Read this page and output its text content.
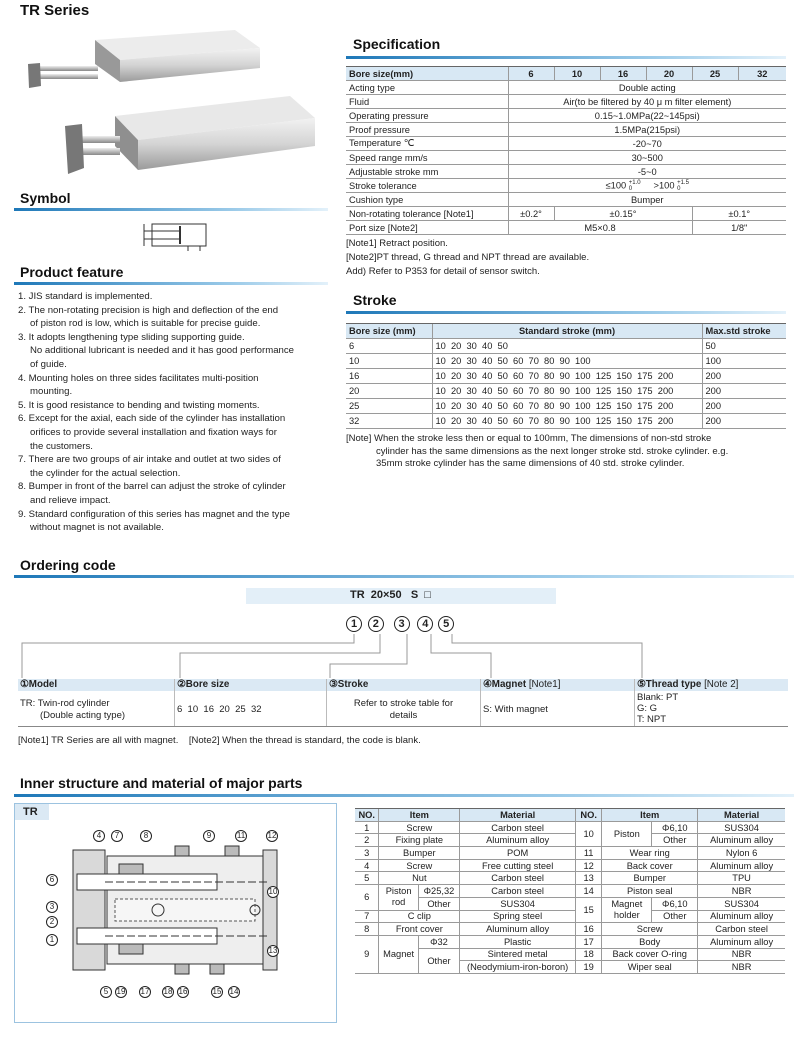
TR Series
Symbol
Product feature
1. JIS standard is implemented.
2. The non-rotating precision is high and deflection of the end
of piston rod is low, which is suitable for precise guide.
3. It adopts lengthening type sliding supporting guide.
No additional lubricant is needed and it has good performance
of guide.
4. Mounting holes on three sides facilitates multi-position
mounting.
5. It is good resistance to bending and twisting moments.
6. Except for the axial, each side of the cylinder has installation
orifices to provide several installation and fixation ways for
the customers.
7. There are two groups of air intake and outlet at two sides of
the cylinder for the actual selection.
8. Bumper in front of the barrel can adjust the stroke of cylinder
and relieve impact.
9. Standard configuration of this series has magnet and the type
without magnet is not available.
Specification
Bore size(mm)	6	10	16	20	25	32
Acting type	Double acting					
Fluid	Air(to be filtered by 40 μ m filter element)					
Operating pressure	0.15~1.0MPa(22~145psi)					
Proof pressure	1.5MPa(215psi)					
Temperature ℃	-20~70					
Speed range mm/s	30~500					
Adjustable stroke mm	-5~0					
Stroke tolerance	≤100 +1.0
0 >100 +1.5
0					
Cushion type	Bumper					
Non-rotating tolerance [Note1]	±0.2°	±0.15°			±0.1°	
Port size [Note2]	M5×0.8				1/8"	
[Note1] Retract position.
[Note2]PT thread, G thread and NPT thread are available.
Add) Refer to P353 for detail of sensor switch.
Stroke
Bore size (mm)	Standard stroke (mm)	Max.std stroke
6	10  20  30  40  50	50
10	10  20  30  40  50  60  70  80  90  100	100
16	10  20  30  40  50  60  70  80  90  100  125  150  175  200	200
20	10  20  30  40  50  60  70  80  90  100  125  150  175  200	200
25	10  20  30  40  50  60  70  80  90  100  125  150  175  200	200
32	10  20  30  40  50  60  70  80  90  100  125  150  175  200	200
[Note] When the stroke less then or equal to 100mm, The dimensions of non-std stroke
cylinder has the same dimensions as the next longer stroke std. stroke cylinder. e.g.
35mm stroke cylinder has the same dimensions of 40 std. stroke cylinder.
Ordering code
TR  20×50   S  □
1 2 3 4 5
①Model
TR: Twin-rod cylinder
(Double acting type)
②Bore size
6  10  16  20  25  32
③Stroke
Refer to stroke table for
details
④Magnet [Note1]
S: With magnet
⑤Thread type [Note 2]
Blank: PT
G: G
T: NPT
[Note1] TR Series are all with magnet.    [Note2] When the thread is standard, the code is blank.
Inner structure and material of major parts
TR
4	7	8	9	11	12
6
10
3
2
1
13
5	19 17 18 16	15 14
NO.	Item		Material	NO.	Item		Material
1	Screw		Carbon steel	10	Piston	Φ6,10	SUS304
2	Fixing plate		Aluminum alloy			Other	Aluminum alloy
3	Bumper		POM	11	Wear ring		Nylon 6
4	Screw		Free cutting steel	12	Back cover		Aluminum alloy
5	Nut		Carbon steel	13	Bumper		TPU
6	Piston rod	Φ25,32	Carbon steel	14	Piston seal		NBR
		Other	SUS304	15	Magnet holder	Φ6,10	SUS304
7	C clip		Spring steel			Other	Aluminum alloy
8	Front cover		Aluminum alloy	16	Screw		Carbon steel
9	Magnet	Φ32	Plastic	17	Body		Aluminum alloy
		Other	Sintered metal	18	Back cover O-ring		NBR
			(Neodymium-iron-boron)	19	Wiper seal		NBR
